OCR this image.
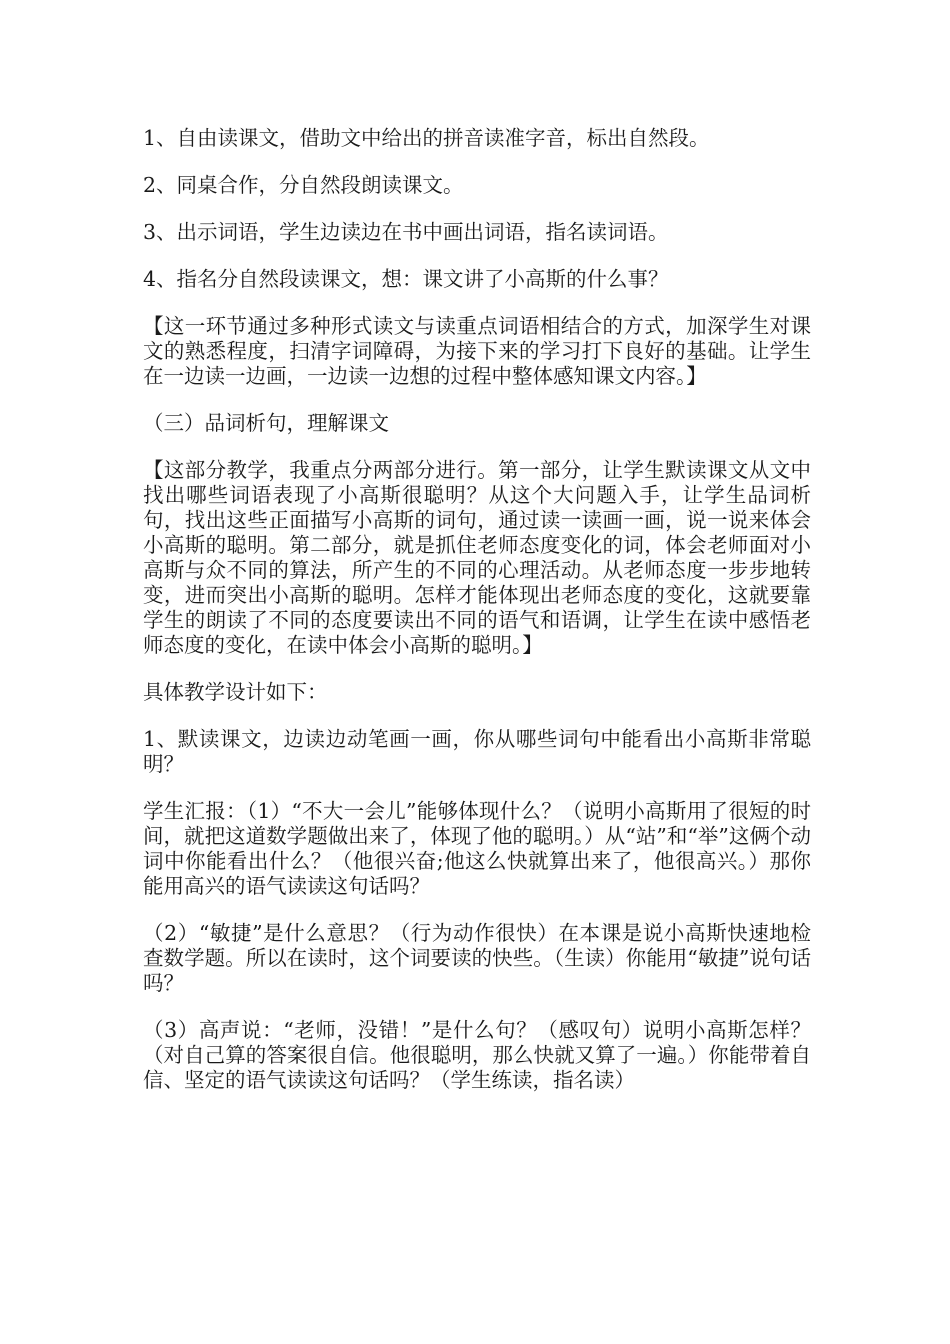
1、自由读课文，借助文中给出的拼音读准字音，标出自然段。

2、同桌合作，分自然段朗读课文。

3、出示词语，学生边读边在书中画出词语，指名读词语。

4、指名分自然段读课文，想：课文讲了小高斯的什么事？

【这一环节通过多种形式读文与读重点词语相结合的方式，加深学生对课文的熟悉程度，扫清字词障碍，为接下来的学习打下良好的基础。让学生在一边读一边画，一边读一边想的过程中整体感知课文内容。】

（三）品词析句，理解课文

【这部分教学，我重点分两部分进行。第一部分，让学生默读课文从文中找出哪些词语表现了小高斯很聪明？从这个大问题入手，让学生品词析句，找出这些正面描写小高斯的词句，通过读一读画一画，说一说来体会小高斯的聪明。第二部分，就是抓住老师态度变化的词，体会老师面对小高斯与众不同的算法，所产生的不同的心理活动。从老师态度一步步地转变，进而突出小高斯的聪明。怎样才能体现出老师态度的变化，这就要靠学生的朗读了不同的态度要读出不同的语气和语调，让学生在读中感悟老师态度的变化，在读中体会小高斯的聪明。】

具体教学设计如下：

1、默读课文，边读边动笔画一画，你从哪些词句中能看出小高斯非常聪明？

学生汇报：（1）“不大一会儿”能够体现什么？（说明小高斯用了很短的时间，就把这道数学题做出来了，体现了他的聪明。）从“站”和“举”这俩个动词中你能看出什么？（他很兴奋;他这么快就算出来了，他很高兴。）那你能用高兴的语气读读这句话吗？

（2）“敏捷”是什么意思？（行为动作很快）在本课是说小高斯快速地检查数学题。所以在读时，这个词要读的快些。（生读）你能用“敏捷”说句话吗？

（3）高声说：“老师，没错！”是什么句？（感叹句）说明小高斯怎样？（对自己算的答案很自信。他很聪明，那么快就又算了一遍。）你能带着自信、坚定的语气读读这句话吗？（学生练读，指名读）
